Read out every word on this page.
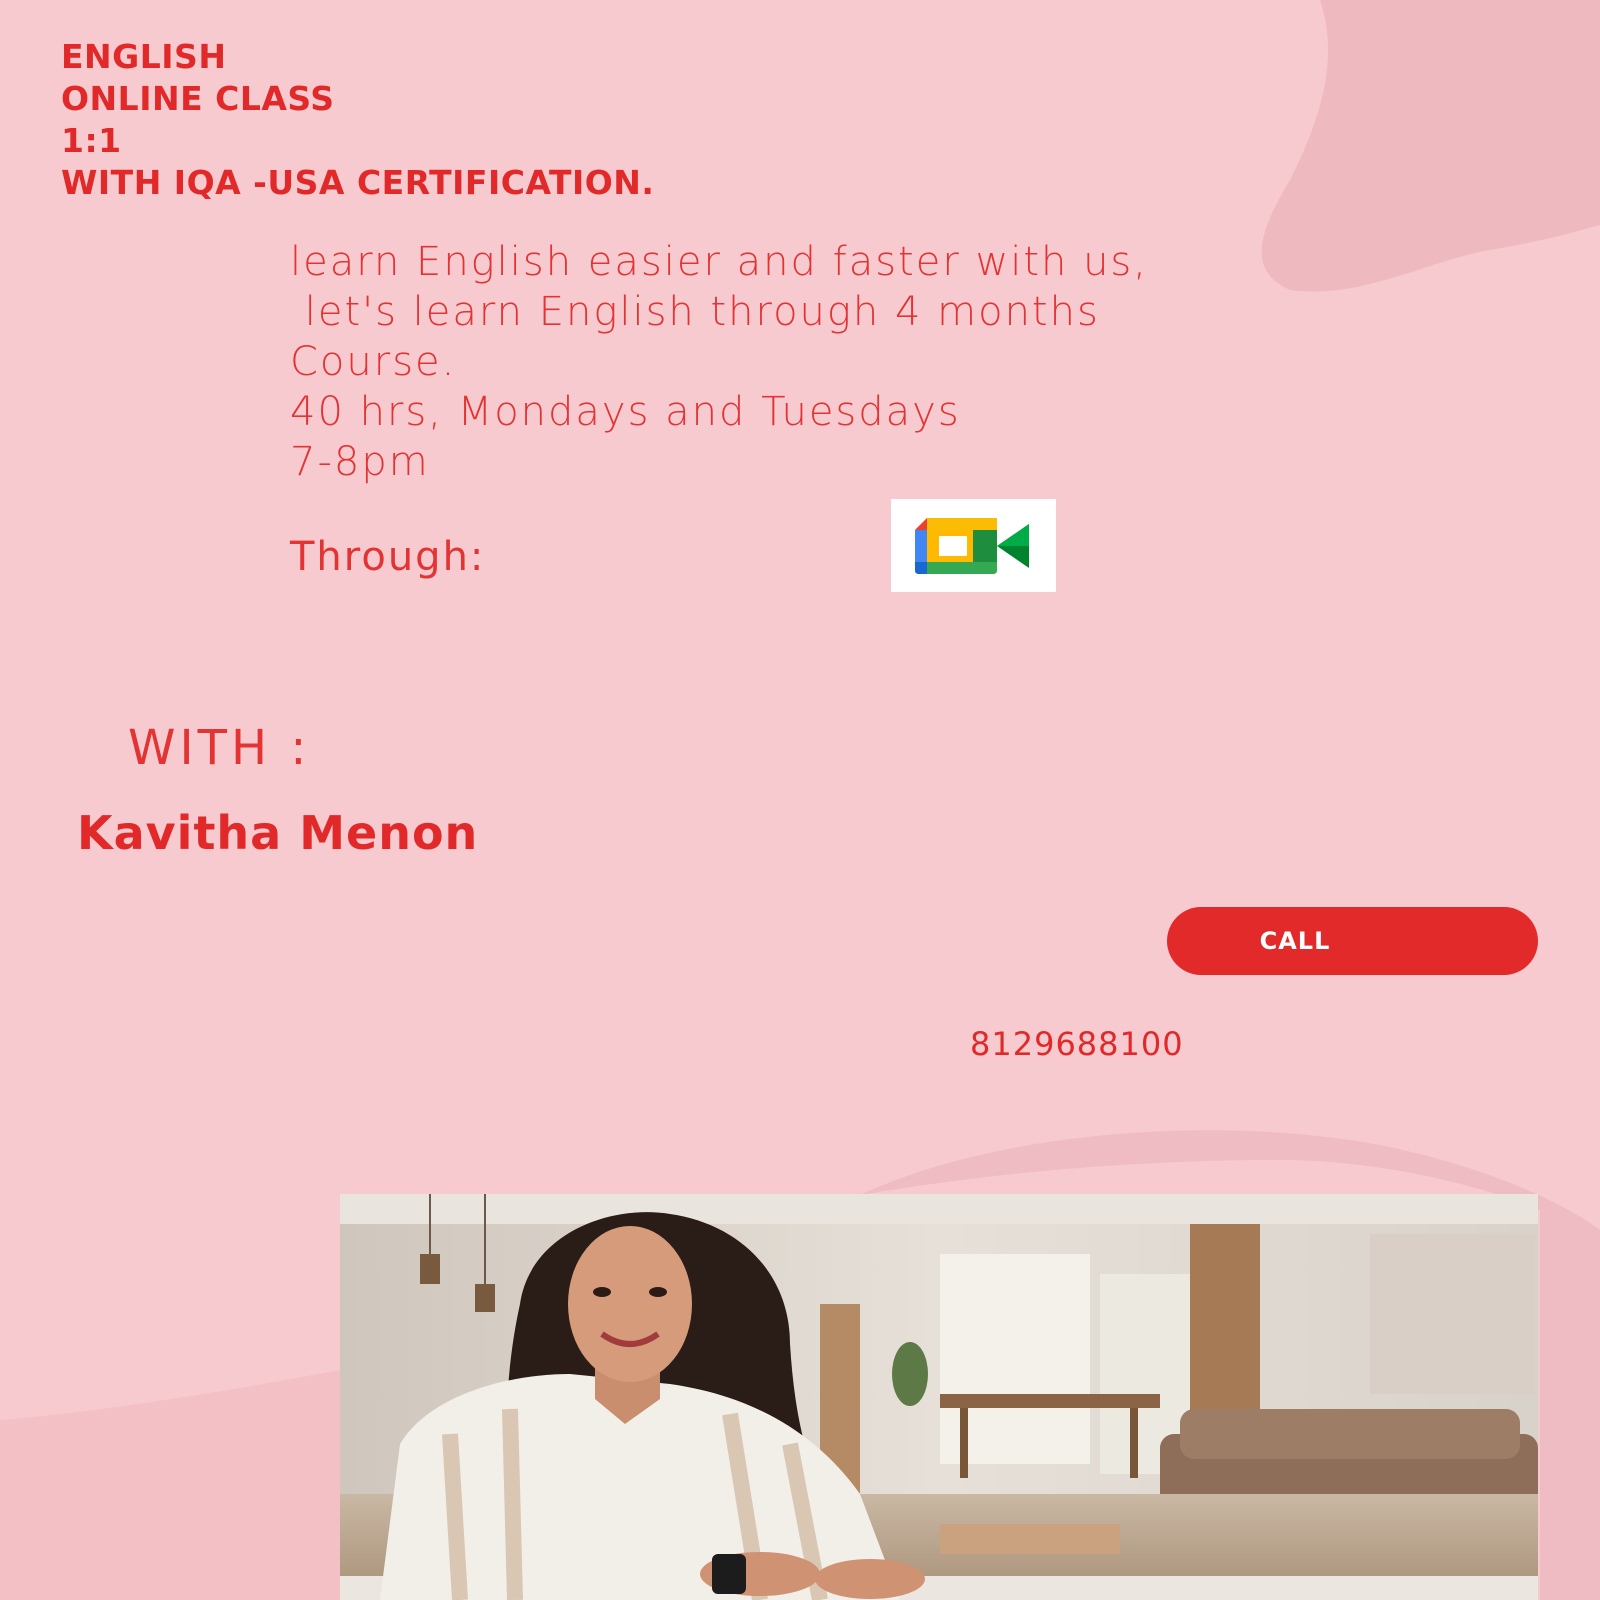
ENGLISH
ONLINE CLASS
1:1
WITH IQA -USA CERTIFICATION.
learn English easier and faster with us,
let's learn English through 4 months
Course.
40 hrs, Mondays and Tuesdays
7-8pm
Through:
WITH :
Kavitha Menon
CALL
8129688100
